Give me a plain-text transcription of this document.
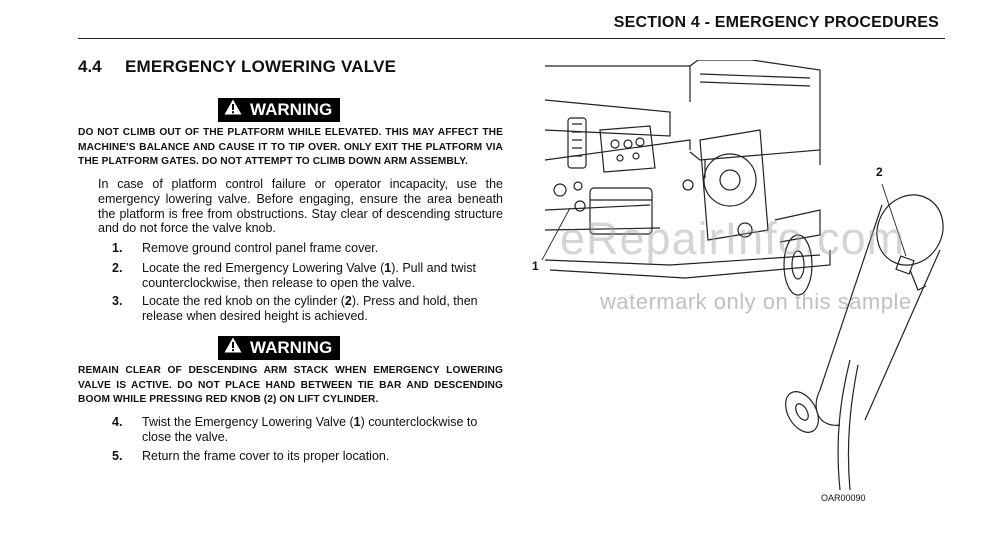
SECTION 4 - EMERGENCY PROCEDURES
4.4 EMERGENCY LOWERING VALVE
WARNING
DO NOT CLIMB OUT OF THE PLATFORM WHILE ELEVATED. THIS MAY AFFECT THE MACHINE'S BALANCE AND CAUSE IT TO TIP OVER. ONLY EXIT THE PLATFORM VIA THE PLATFORM GATES. DO NOT ATTEMPT TO CLIMB DOWN ARM ASSEMBLY.
In case of platform control failure or operator incapacity, use the emergency lowering valve. Before engaging, ensure the area beneath the platform is free from obstructions. Stay clear of descending structure and do not force the valve knob.
1. Remove ground control panel frame cover.
2. Locate the red Emergency Lowering Valve (1). Pull and twist counterclockwise, then release to open the valve.
3. Locate the red knob on the cylinder (2). Press and hold, then release when desired height is achieved.
WARNING
REMAIN CLEAR OF DESCENDING ARM STACK WHEN EMERGENCY LOWERING VALVE IS ACTIVE. DO NOT PLACE HAND BETWEEN TIE BAR AND DESCENDING BOOM WHILE PRESSING RED KNOB (2) ON LIFT CYLINDER.
4. Twist the Emergency Lowering Valve (1) counterclockwise to close the valve.
5. Return the frame cover to its proper location.
1
2
OAR00090
eRepairInfo.com
watermark only on this sample
